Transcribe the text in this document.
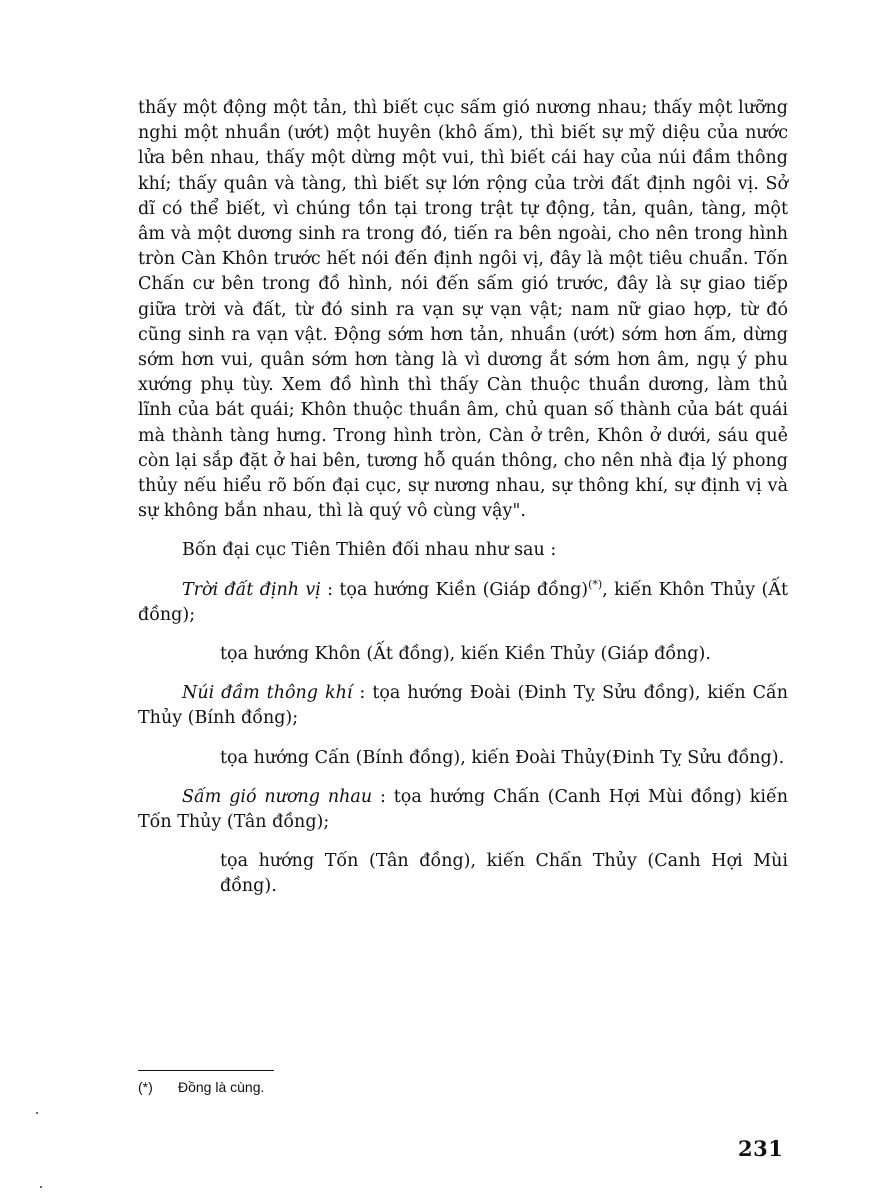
thấy một động một tản, thì biết cục sấm gió nương nhau; thấy một lưỡng nghi một nhuần (ướt) một huyên (khô ấm), thì biết sự mỹ diệu của nước lửa bên nhau, thấy một dừng một vui, thì biết cái hay của núi đầm thông khí; thấy quân và tàng, thì biết sự lớn rộng của trời đất định ngôi vị. Sở dĩ có thể biết, vì chúng tồn tại trong trật tự động, tản, quân, tàng, một âm và một dương sinh ra trong đó, tiến ra bên ngoài, cho nên trong hình tròn Càn Khôn trước hết nói đến định ngôi vị, đây là một tiêu chuẩn. Tốn Chấn cư bên trong đồ hình, nói đến sấm gió trước, đây là sự giao tiếp giữa trời và đất, từ đó sinh ra vạn sự vạn vật; nam nữ giao hợp, từ đó cũng sinh ra vạn vật. Động sớm hơn tản, nhuần (ướt) sớm hơn ấm, dừng sớm hơn vui, quân sớm hơn tàng là vì dương ắt sớm hơn âm, ngụ ý phu xướng phụ tùy. Xem đồ hình thì thấy Càn thuộc thuần dương, làm thủ lĩnh của bát quái; Khôn thuộc thuần âm, chủ quan số thành của bát quái mà thành tàng hưng. Trong hình tròn, Càn ở trên, Khôn ở dưới, sáu quẻ còn lại sắp đặt ở hai bên, tương hỗ quán thông, cho nên nhà địa lý phong thủy nếu hiểu rõ bốn đại cục, sự nương nhau, sự thông khí, sự định vị và sự không bắn nhau, thì là quý vô cùng vậy".

Bốn đại cục Tiên Thiên đối nhau như sau :

Trời đất định vị : tọa hướng Kiền (Giáp đồng)(*), kiến Khôn Thủy (Ất đồng);

tọa hướng Khôn (Ất đồng), kiến Kiền Thủy (Giáp đồng).

Núi đầm thông khí : tọa hướng Đoài (Đinh Tỵ Sửu đồng), kiến Cấn Thủy (Bính đồng);

tọa hướng Cấn (Bính đồng), kiến Đoài Thủy(Đinh Tỵ Sửu đồng).

Sấm gió nương nhau : tọa hướng Chấn (Canh Hợi Mùi đồng) kiến Tốn Thủy (Tân đồng);

tọa hướng Tốn (Tân đồng), kiến Chấn Thủy (Canh Hợi Mùi đồng).

(*) Đồng là cùng.
231
